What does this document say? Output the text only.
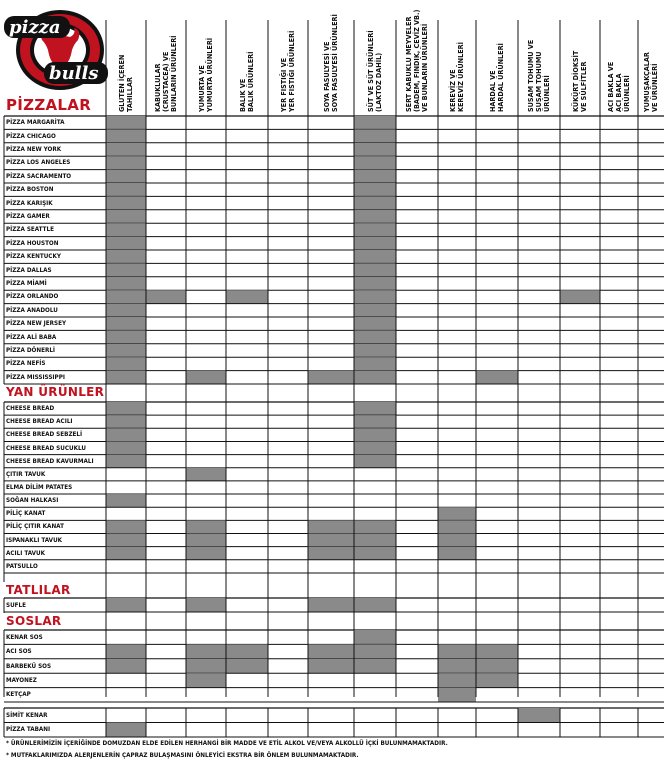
pizza
bulls
GLUTEN İÇEREN
TAHILLAR	KABUKLULAR
(CRUSTACEA) VE
BUNLARIN ÜRÜNLERİ
YUMURTA VE
YUMURTA ÜRÜNLERİ
BALIK VE
BALIK ÜRÜNLERİ
YER FISTIĞI VE
YER FISTIĞI ÜRÜNLERİ
SOYA FASULYESİ VE
SOYA FASULYESİ ÜRÜNLERİ
SÜT VE SÜT ÜRÜNLERİ
(LAKTOZ DAHİL)
SERT KABUKLU MEYVELER
(BADEM, FINDIK, CEVİZ VB.)
VE BUNLARIN ÜRÜNLERİ
KEREVİZ VE
KEREVİZ ÜRÜNLERİ
HARDAL VE
HARDAL ÜRÜNLERİ
SUSAM TOHUMU VE
SUSAM TOHUMU
ÜRÜNLERİ	KÜKÜRT DİOKSİT
VE SÜLFİTLER
ACI BAKLA VE
ACI BAKLA
ÜRÜNLERİ YUMUŞAKÇALAR
VE ÜRÜNLERİ
PİZZALAR
PİZZA MARGARİTA
PİZZA CHICAGO
PİZZA NEW YORK
PİZZA LOS ANGELES
PİZZA SACRAMENTO
PİZZA BOSTON
PİZZA KARIŞIK
PİZZA GAMER
PİZZA SEATTLE
PİZZA HOUSTON
PİZZA KENTUCKY
PİZZA DALLAS
PİZZA MİAMİ
PİZZA ORLANDO
PİZZA ANADOLU
PİZZA NEW JERSEY
PİZZA ALİ BABA
PİZZA DÖNERLİ
PİZZA NEFİS
PİZZA MISSISSIPPI
YAN ÜRÜNLER
CHEESE BREAD
CHEESE BREAD ACILI
CHEESE BREAD SEBZELİ
CHEESE BREAD SUCUKLU
CHEESE BREAD KAVURMALI
ÇITIR TAVUK
ELMA DİLİM PATATES
SOĞAN HALKASI
PİLİÇ KANAT
PİLİÇ ÇITIR KANAT
ISPANAKLI TAVUK
ACILI TAVUK
PATSULLO
TATLILAR
SUFLE
SOSLAR
KENAR SOS
ACI SOS
BARBEKÜ SOS
MAYONEZ
KETÇAP
SİMİT KENAR
PİZZA TABANI
* ÜRÜNLERİMİZİN İÇERİĞİNDE DOMUZDAN ELDE EDİLEN HERHANGİ BİR MADDE VE ETİL ALKOL VE/VEYA ALKOLLÜ İÇKİ BULUNMAMAKTADIR.
* MUTFAKLARIMIZDA ALERJENLERİN ÇAPRAZ BULAŞMASINI ÖNLEYİCİ EKSTRA BİR ÖNLEM BULUNMAMAKTADIR.
